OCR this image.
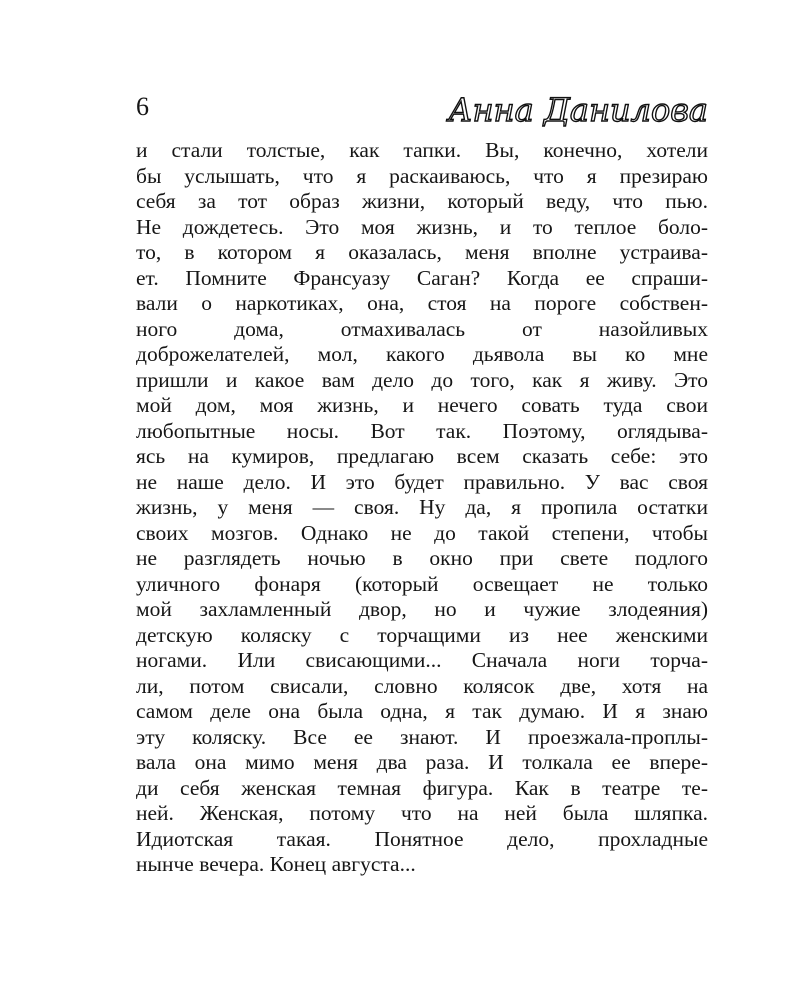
6	Анна Данилова
и стали толстые, как тапки. Вы, конечно, хотели
бы услышать, что я раскаиваюсь, что я презираю
себя за тот образ жизни, который веду, что пью.
Не дождетесь. Это моя жизнь, и то теплое боло-
то, в котором я оказалась, меня вполне устраива-
ет. Помните Франсуазу Саган? Когда ее спраши-
вали о наркотиках, она, стоя на пороге собствен-
ного дома, отмахивалась от назойливых
доброжелателей, мол, какого дьявола вы ко мне
пришли и какое вам дело до того, как я живу. Это
мой дом, моя жизнь, и нечего совать туда свои
любопытные носы. Вот так. Поэтому, оглядыва-
ясь на кумиров, предлагаю всем сказать себе: это
не наше дело. И это будет правильно. У вас своя
жизнь, у меня — своя. Ну да, я пропила остатки
своих мозгов. Однако не до такой степени, чтобы
не разглядеть ночью в окно при свете подлого
уличного фонаря (который освещает не только
мой захламленный двор, но и чужие злодеяния)
детскую коляску с торчащими из нее женскими
ногами. Или свисающими... Сначала ноги торча-
ли, потом свисали, словно колясок две, хотя на
самом деле она была одна, я так думаю. И я знаю
эту коляску. Все ее знают. И проезжала-проплы-
вала она мимо меня два раза. И толкала ее впере-
ди себя женская темная фигура. Как в театре те-
ней. Женская, потому что на ней была шляпка.
Идиотская такая. Понятное дело, прохладные
нынче вечера. Конец августа...
